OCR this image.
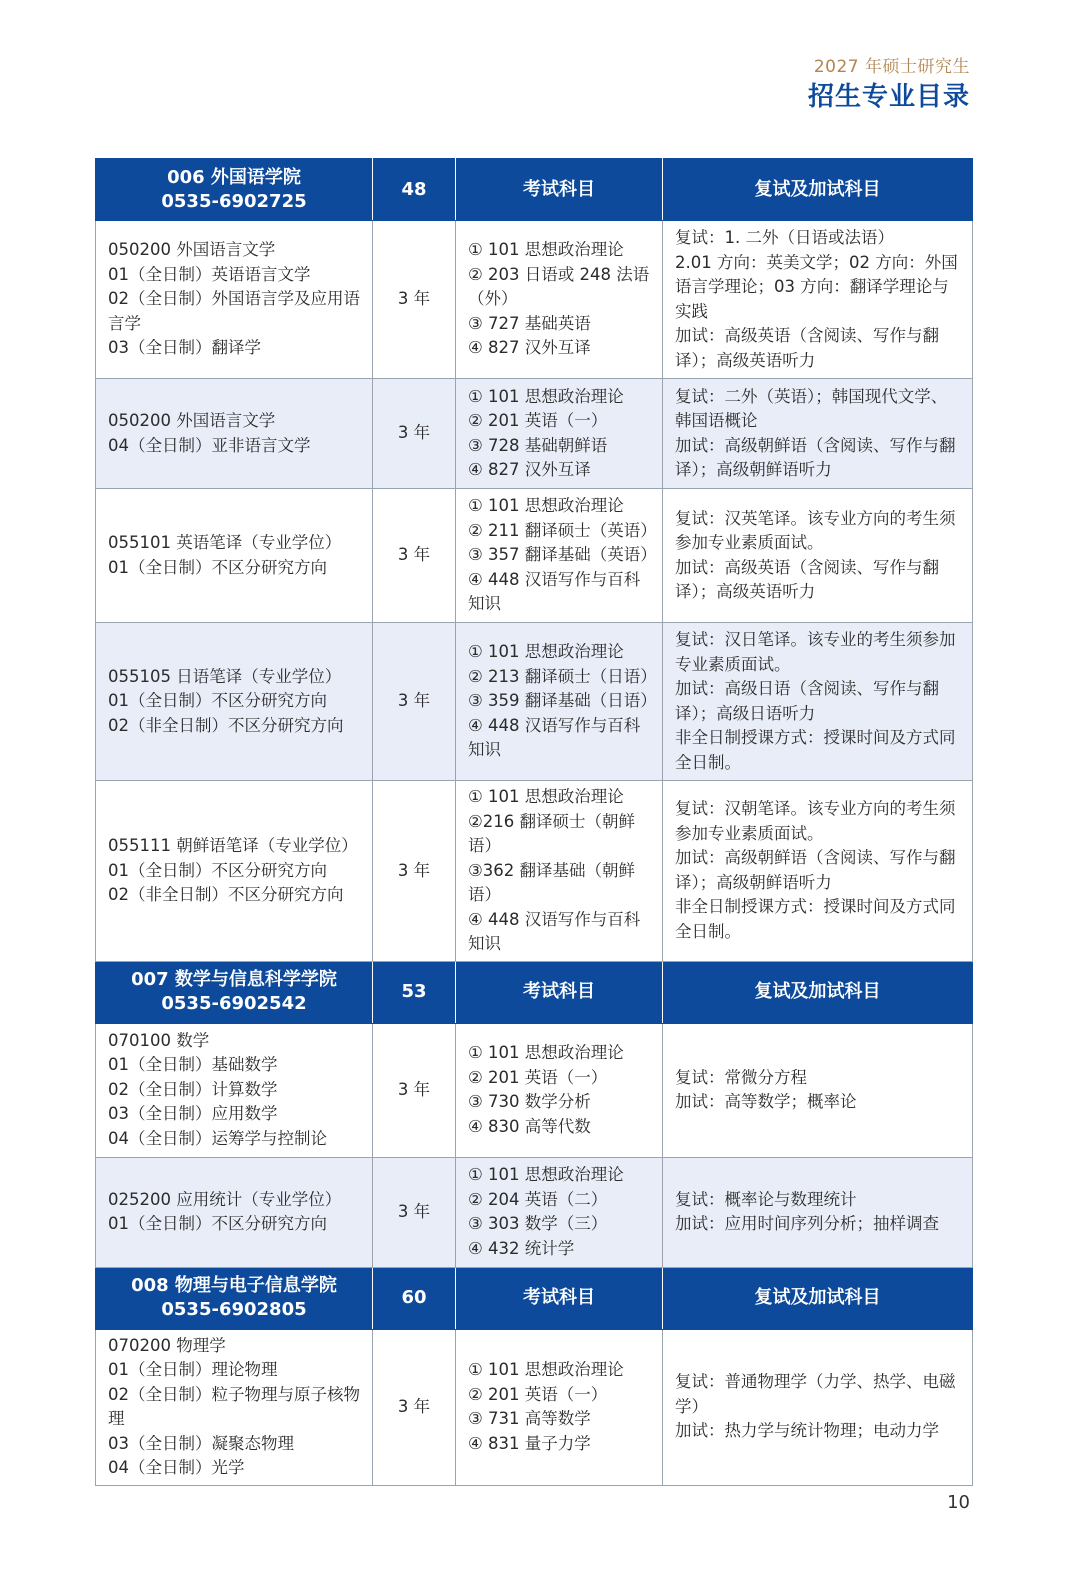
2027 年硕士研究生
招生专业目录
006 外国语学院
0535-6902725	48	考试科目	复试及加试科目

050200 外国语言文学
01（全日制）英语语言文学
02（全日制）外国语言学及应用语言学
03（全日制）翻译学	3 年	① 101 思想政治理论
② 203 日语或 248 法语（外）
③ 727 基础英语
④ 827 汉外互译	复试：1. 二外（日语或法语）
2.01 方向：英美文学；02 方向：外国语言学理论；03 方向：翻译学理论与实践
加试：高级英语（含阅读、写作与翻译）；高级英语听力

050200 外国语言文学
04（全日制）亚非语言文学	3 年	① 101 思想政治理论
② 201 英语（一）
③ 728 基础朝鲜语
④ 827 汉外互译	复试：二外（英语）；韩国现代文学、韩国语概论
加试：高级朝鲜语（含阅读、写作与翻译）；高级朝鲜语听力

055101 英语笔译（专业学位）
01（全日制）不区分研究方向	3 年	① 101 思想政治理论
② 211 翻译硕士（英语）
③ 357 翻译基础（英语）
④ 448 汉语写作与百科知识	复试：汉英笔译。该专业方向的考生须参加专业素质面试。
加试：高级英语（含阅读、写作与翻译）；高级英语听力

055105 日语笔译（专业学位）
01（全日制）不区分研究方向
02（非全日制）不区分研究方向	3 年	① 101 思想政治理论
② 213 翻译硕士（日语）
③ 359 翻译基础（日语）
④ 448 汉语写作与百科知识	复试：汉日笔译。该专业的考生须参加专业素质面试。
加试：高级日语（含阅读、写作与翻译）；高级日语听力
非全日制授课方式：授课时间及方式同全日制。

055111 朝鲜语笔译（专业学位）
01（全日制）不区分研究方向
02（非全日制）不区分研究方向	3 年	① 101 思想政治理论
②216 翻译硕士（朝鲜语）
③362 翻译基础（朝鲜语）
④ 448 汉语写作与百科知识	复试：汉朝笔译。该专业方向的考生须参加专业素质面试。
加试：高级朝鲜语（含阅读、写作与翻译）；高级朝鲜语听力
非全日制授课方式：授课时间及方式同全日制。

007 数学与信息科学学院
0535-6902542	53	考试科目	复试及加试科目

070100 数学
01（全日制）基础数学
02（全日制）计算数学
03（全日制）应用数学
04（全日制）运筹学与控制论	3 年	① 101 思想政治理论
② 201 英语（一）
③ 730 数学分析
④ 830 高等代数	复试：常微分方程
加试：高等数学；概率论

025200 应用统计（专业学位）
01（全日制）不区分研究方向	3 年	① 101 思想政治理论
② 204 英语（二）
③ 303 数学（三）
④ 432 统计学	复试：概率论与数理统计
加试：应用时间序列分析；抽样调查

008 物理与电子信息学院
0535-6902805	60	考试科目	复试及加试科目

070200 物理学
01（全日制）理论物理
02（全日制）粒子物理与原子核物理
03（全日制）凝聚态物理
04（全日制）光学	3 年	① 101 思想政治理论
② 201 英语（一）
③ 731 高等数学
④ 831 量子力学	复试：普通物理学（力学、热学、电磁学）
加试：热力学与统计物理；电动力学
10
